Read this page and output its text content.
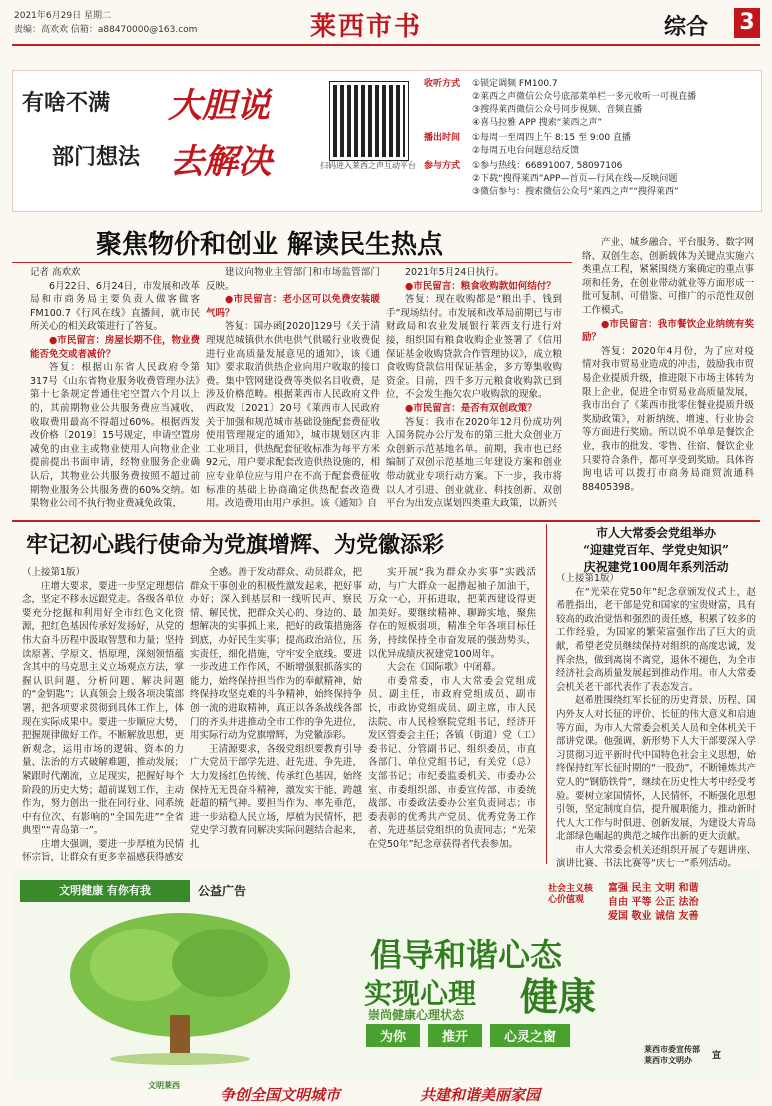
2021年6月29日 星期二
责编：高欢欢 信箱：a88470000@163.com	莱西市书	综合 3
有啥不满 大胆说
部门想法 去解决	扫码进入莱西之声互动平台
收听方式	①锁定调频 FM100.7
②莱西之声微信公众号底部菜单栏一多元收听一可视直播
③搜得莱西微信公众号同步视频、音频直播
④喜马拉雅 APP 搜索“莱西之声”
播出时间	①每周一至周四上午 8:15 至 9:00 直播
②每周五电台问题总结反馈
参与方式	①参与热线：66891007, 58097106
②下载“搜得莱西”APP—首页—行风在线—反映问题
③微信参与：搜索微信公众号“莱西之声”“搜得莱西”
聚焦物价和创业 解读民生热点
记者 高欢欢

6月22日、6月24日，市发展和改革局和市商务局主要负责人做客做客FM100.7《行风在线》直播间，就市民所关心的相关政策进行了答复。

●市民留言：房屋长期不住，物业费能否免交或者减价？

答复：根据山东省人民政府令第317号《山东省物业服务收费管理办法》第十七条规定普通住宅空置六个月以上的，其前期物业公共服务费应当减收，收取费用最高不得超过60%。根据西发改价格〔2019〕15号规定，申请空置房减免的由业主或物业使用人向物业企业提前提出书面申请，经物业服务企业确认后，其物业公共服务费按照不超过前期物业服务公共服务费的60%交纳。如果物业公司不执行物业费减免政策，

建议向物业主管部门和市场监管部门反映。

●市民留言：老小区可以免费安装暖气吗？

答复：国办函[2020]129号《关于清理规范城镇供水供电供气供暖行业收费促进行业高质量发展意见的通知》，该《通知》要求取消供热企业向用户收取的接口费。集中管网建设费等类似名目收费，是涉及价格范畴。根据莱西市人民政府文件西政发〔2021〕20号《莱西市人民政府关于加强和规范城市基础设施配套费征收使用管理规定的通知》，城市规划区内非工业项目，供热配套征收标准为每平方米92元，用户要求配套改造供热设施的，相应专业单位应与用户在不高于配套费征收标准的基础上协商确定供热配套改造费用。改造费用由用户承担。该《通知》自

2021年5月24日执行。

●市民留言：粮食收购款如何结付？

答复：现在收购都是“粮出手、钱到手”现场结付。市发展和改革局前期已与市财政局和农业发展银行莱西支行进行对接，组织国有粮食收购企业签署了《信用保证基金收购贷款合作管理协议》，成立粮食收购贷款信用保证基金，多方筹集收购资金。目前，四千多万元粮食收购款已到位，不会发生拖欠农户收购款的现象。

●市民留言：是否有双创政策？

答复：我市在2020年12月份成功列入国务院办公厅发布的第三批大众创业万众创新示范基地名单。前期，我市也已经编制了双创示范基地三年建设方案和创业带动就业专项行动方案。下一步，我市将以人才引进、创业就业、科技创新、双创平台为出发点谋划四类重大政策，以新兴

产业、城乡融合、平台服务、数字网络、双创生态、创新载体为关键点实施六类重点工程，紧紧围绕方案确定的重点事项和任务，在创业带动就业等方面形成一批可复制、可借鉴、可推广的示范性双创工作模式。

●市民留言：我市餐饮企业纳统有奖励？

答复：2020年4月份，为了应对疫情对我市贸易业造成的冲击，鼓励我市贸易企业提质升级，推进限下市场主体转为限上企业，促进全市贸易业高质量发展，我市出台了《莱西市批零住餐业提质升级奖励政策》，对新纳统、增速、行业协会等方面进行奖励。所以说不单单是餐饮企业，我市的批发、零售、住宿、餐饮企业只要符合条件，都可享受到奖励。具体咨询电话可以拨打市商务局商贸流通科88405398。

牢记初心践行使命为党旗增辉、为党徽添彩
（上接第1版）

庄增大要求，要进一步坚定理想信念，坚定不移永远跟党走。各级各单位要充分挖掘和利用好全市红色文化资源，把红色基因传承好发扬好，从党的伟大奋斗历程中汲取智慧和力量；坚持读原著、学原文、悟原理，深刻领悟蕴含其中的马克思主义立场观点方法，掌握认识问题、分析问题、解决问题的“金钥匙”；认真领会上级各项决策部署，把各项要求贯彻到具体工作上，体现在实际成果中。要进一步顺应大势，把握规律做好工作。不断解放思想，更新观念，运用市场的逻辑、资本的力量、法治的方式破解难题，推动发展；紧跟时代潮流，立足现实，把握好每个阶段的历史大势；超前谋划工作，主动作为，努力创出一批在同行业、同系统中有位次、有影响的“全国先进”“全省典型”“青岛第一”。

庄增大强调，要进一步厚植为民情怀宗旨，让群众有更多幸福感获得感安

全感。善于发动群众、动员群众，把群众干事创业的积极性激发起来，把好事办好；深入到基层和一线听民声、察民情、解民忧，把群众关心的、身边的、最想解决的实事抓上来，把好的政策措施落到底，办好民生实事；提高政治站位，压实责任，细化措施，守牢安全底线。要进一步改进工作作风，不断增强狠抓落实的能力，始终保持担当作为的奉献精神，始终保持攻坚克难的斗争精神，始终保持争创一流的进取精神，真正以各条战线各部门的齐头并进推动全市工作的争先进位，用实际行动为党旗增辉，为党徽添彩。

王清源要求，各级党组织要教育引导广大党员干部学先进、赶先进、争先进，大力发扬红色传统、传承红色基因，始终保持无无畏奋斗精神，激发实干能、跨越赶超的精气神。要担当作为、率先垂范，进一步站稳人民立场，厚植为民情怀，把党史学习教育同解决实际问题结合起来，扎

实开展“我为群众办实事”实践活动，与广大群众一起撸起袖子加油干，万众一心，开拓进取，把莱西建设得更加美好。要继续精神、聊蹄实地，聚焦存在的短板弱项，精准全年各项目标任务，持续保持全市奋发展的强劲势头，以优异成绩庆祝建党100周年。

大会在《国际歌》中闭幕。

市委常委，市人大常委会党组成员、副主任，市政府党组成员、副市长，市政协党组成员、副主席，市人民法院、市人民检察院党组书记，经济开发区管委会主任；各镇（街道）党（工）委书记、分管副书记、组织委员，市直各部门、单位党组书记，有关党（总）支部书记；市纪委监委机关、市委办公室、市委组织部、市委宣传部、市委统战部、市委政法委办公室负责同志；市委表彰的优秀共产党员、优秀党务工作者、先进基层党组织的负责同志；“光荣在党50年”纪念章获得者代表参加。

市人大常委会党组举办
“迎建党百年、学党史知识”
庆祝建党100周年系列活动
（上接第1版）

在“光荣在党50年”纪念章颁发仪式上，赵希胜指出，老干部是党和国家的宝贵财富，具有较高的政治觉悟和强烈的责任感，积累了较多的工作经验，为国家的繁荣富强作出了巨大的贡献，希望老党员继续保持对组织的高度忠诚，发挥余热，做到离岗不离党，退休不褪色，为全市经济社会高质量发展起到推动作用。市人大常委会机关老干部代表作了表态发言。

赵希胜围绕红军长征的历史背景、历程、国内外友人对长征的评价、长征的伟大意义和启迪等方面，为市人大常委会机关人员和全体机关干部讲党课。他强调，新形势下人大干部要深入学习贯彻习近平新时代中国特色社会主义思想，始终保持红军长征时期的“一股劲”，不断锤炼共产党人的“钢筋铁骨”，继续在历史性大考中经受考验。要树立家国情怀，人民情怀，不断强化思想引领，坚定制度自信，提升履职能力，推动新时代人大工作与时俱进、创新发展，为建设大青岛北部绿色崛起的典范之城作出新的更大贡献。

市人大常委会机关还组织开展了专题讲座、演讲比赛、书法比赛等“庆七一”系列活动。

文明健康 有你有我	公益广告	社会主义核心价值观
富强 民主 文明 和谐
自由 平等 公正 法治
爱国 敬业 诚信 友善
倡导和谐心态
实现心理 健康
崇尚健康心理状态
为你	推开	心灵之窗
莱西市委宣传部
莱西市文明办	宣
文明莱西
争创全国文明城市	共建和谐美丽家园
